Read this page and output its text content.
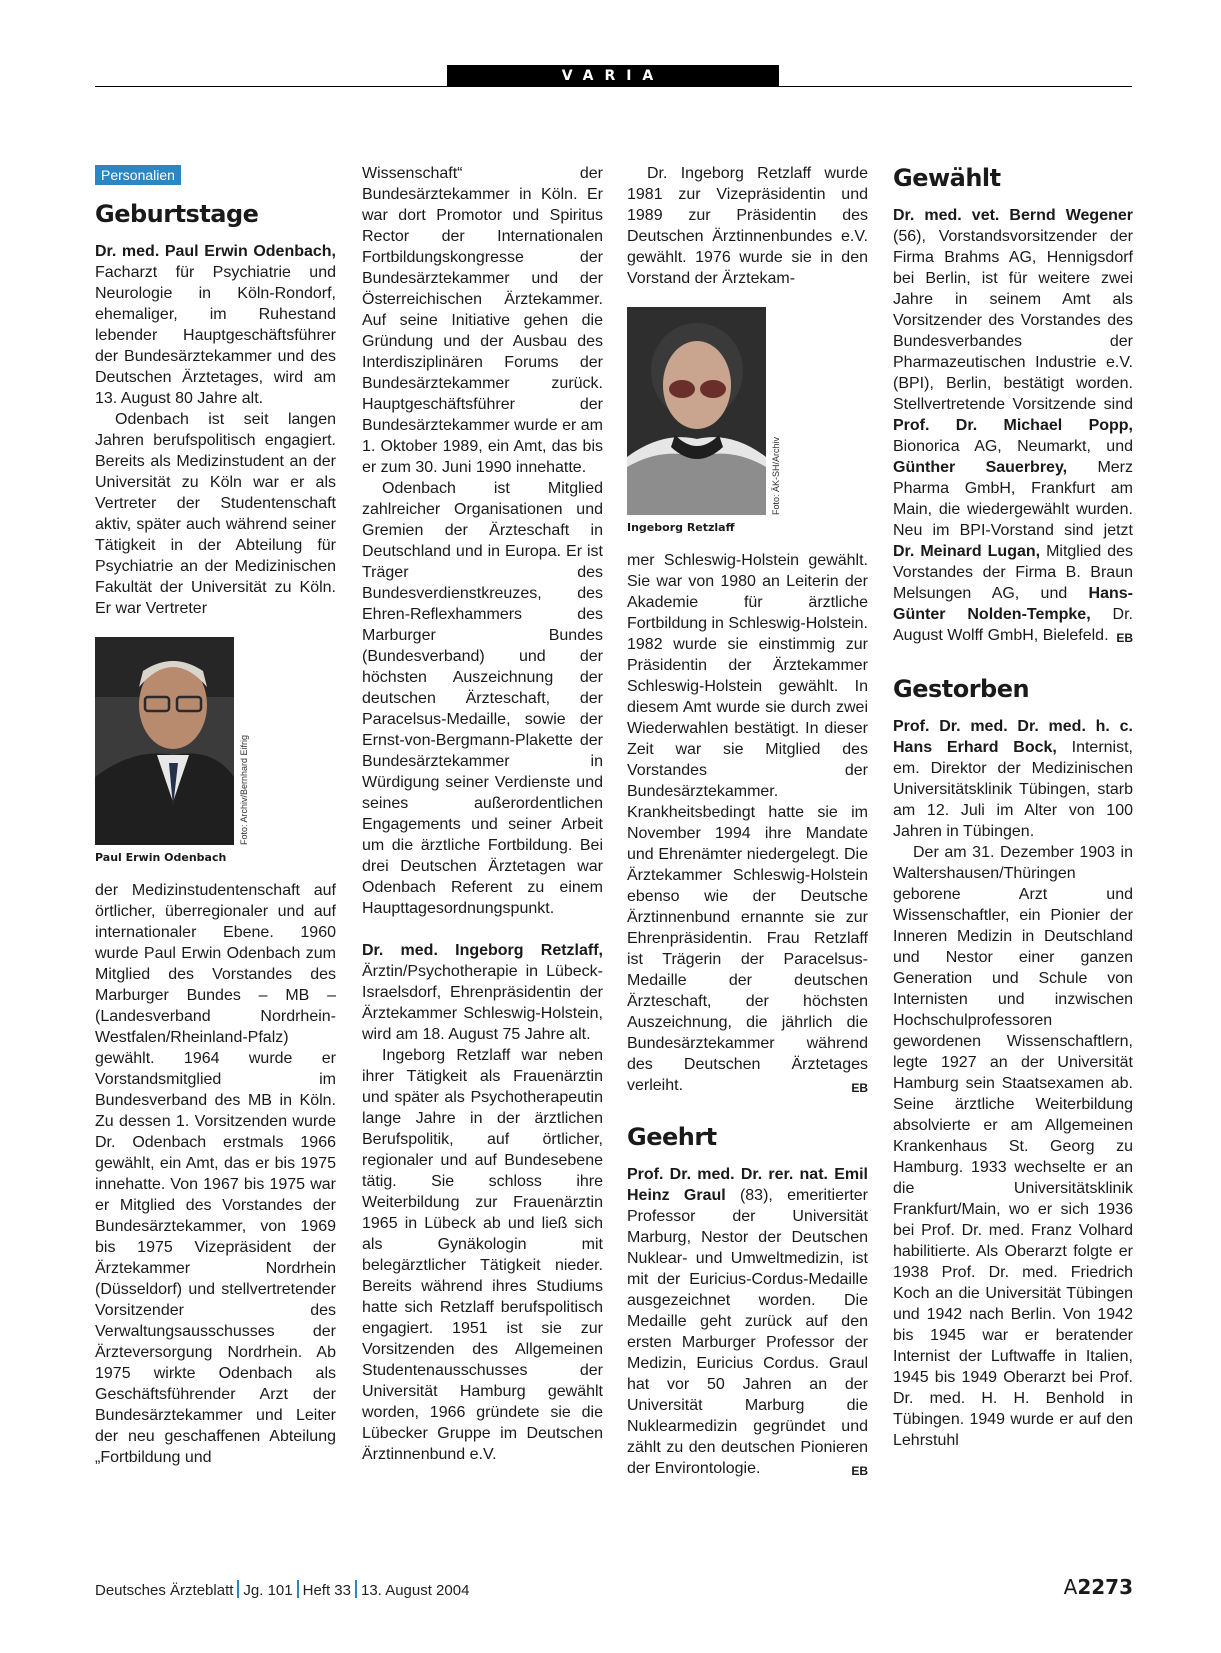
VARIA
Personalien
Geburtstage

Dr. med. Paul Erwin Odenbach, Facharzt für Psychiatrie und Neurologie in Köln-Rondorf, ehemaliger, im Ruhestand lebender Hauptgeschäftsführer der Bundesärztekammer und des Deutschen Ärztetages, wird am 13. August 80 Jahre alt.

Odenbach ist seit langen Jahren berufspolitisch engagiert. Bereits als Medizinstudent an der Universität zu Köln war er als Vertreter der Studentenschaft aktiv, später auch während seiner Tätigkeit in der Abteilung für Psychiatrie an der Medizinischen Fakultät der Universität zu Köln. Er war Vertreter

Foto: Archiv/Bernhard Eifrig
Paul Erwin Odenbach

der Medizinstudentenschaft auf örtlicher, überregionaler und auf internationaler Ebene. 1960 wurde Paul Erwin Odenbach zum Mitglied des Vorstandes des Marburger Bundes – MB – (Landesverband Nordrhein-Westfalen/Rheinland-Pfalz) gewählt. 1964 wurde er Vorstandsmitglied im Bundesverband des MB in Köln. Zu dessen 1. Vorsitzenden wurde Dr. Odenbach erstmals 1966 gewählt, ein Amt, das er bis 1975 innehatte. Von 1967 bis 1975 war er Mitglied des Vorstandes der Bundesärztekammer, von 1969 bis 1975 Vizepräsident der Ärztekammer Nordrhein (Düsseldorf) und stellvertretender Vorsitzender des Verwaltungsausschusses der Ärzteversorgung Nordrhein. Ab 1975 wirkte Odenbach als Geschäftsführender Arzt der Bundesärztekammer und Leiter der neu geschaffenen Abteilung „Fortbildung und

Wissenschaft“ der Bundesärztekammer in Köln. Er war dort Promotor und Spiritus Rector der Internationalen Fortbildungskongresse der Bundesärztekammer und der Österreichischen Ärztekammer. Auf seine Initiative gehen die Gründung und der Ausbau des Interdisziplinären Forums der Bundesärztekammer zurück. Hauptgeschäftsführer der Bundesärztekammer wurde er am 1. Oktober 1989, ein Amt, das bis er zum 30. Juni 1990 innehatte.

Odenbach ist Mitglied zahlreicher Organisationen und Gremien der Ärzteschaft in Deutschland und in Europa. Er ist Träger des Bundesverdienstkreuzes, des Ehren-Reflexhammers des Marburger Bundes (Bundesverband) und der höchsten Auszeichnung der deutschen Ärzteschaft, der Paracelsus-Medaille, sowie der Ernst-von-Bergmann-Plakette der Bundesärztekammer in Würdigung seiner Verdienste und seines außerordentlichen Engagements und seiner Arbeit um die ärztliche Fortbildung. Bei drei Deutschen Ärztetagen war Odenbach Referent zu einem Haupttagesordnungspunkt.

Dr. med. Ingeborg Retzlaff, Ärztin/Psychotherapie in Lübeck-Israelsdorf, Ehrenpräsidentin der Ärztekammer Schleswig-Holstein, wird am 18. August 75 Jahre alt.

Ingeborg Retzlaff war neben ihrer Tätigkeit als Frauenärztin und später als Psychotherapeutin lange Jahre in der ärztlichen Berufspolitik, auf örtlicher, regionaler und auf Bundesebene tätig. Sie schloss ihre Weiterbildung zur Frauenärztin 1965 in Lübeck ab und ließ sich als Gynäkologin mit belegärztlicher Tätigkeit nieder. Bereits während ihres Studiums hatte sich Retzlaff berufspolitisch engagiert. 1951 ist sie zur Vorsitzenden des Allgemeinen Studentenausschusses der Universität Hamburg gewählt worden, 1966 gründete sie die Lübecker Gruppe im Deutschen Ärztinnenbund e.V.

Dr. Ingeborg Retzlaff wurde 1981 zur Vizepräsidentin und 1989 zur Präsidentin des Deutschen Ärztinnenbundes e.V. gewählt. 1976 wurde sie in den Vorstand der Ärztekam-

Foto: ÄK-SH/Archiv
Ingeborg Retzlaff

mer Schleswig-Holstein gewählt. Sie war von 1980 an Leiterin der Akademie für ärztliche Fortbildung in Schleswig-Holstein. 1982 wurde sie einstimmig zur Präsidentin der Ärztekammer Schleswig-Holstein gewählt. In diesem Amt wurde sie durch zwei Wiederwahlen bestätigt. In dieser Zeit war sie Mitglied des Vorstandes der Bundesärztekammer. Krankheitsbedingt hatte sie im November 1994 ihre Mandate und Ehrenämter niedergelegt. Die Ärztekammer Schleswig-Holstein ebenso wie der Deutsche Ärztinnenbund ernannte sie zur Ehrenpräsidentin. Frau Retzlaff ist Trägerin der Paracelsus-Medaille der deutschen Ärzteschaft, der höchsten Auszeichnung, die jährlich die Bundesärztekammer während des Deutschen Ärztetages verleiht.	EB

Geehrt

Prof. Dr. med. Dr. rer. nat. Emil Heinz Graul (83), emeritierter Professor der Universität Marburg, Nestor der Deutschen Nuklear- und Umweltmedizin, ist mit der Euricius-Cordus-Medaille ausgezeichnet worden. Die Medaille geht zurück auf den ersten Marburger Professor der Medizin, Euricius Cordus. Graul hat vor 50 Jahren an der Universität Marburg die Nuklearmedizin gegründet und zählt zu den deutschen Pionieren der Environtologie.	EB

Gewählt

Dr. med. vet. Bernd Wegener (56), Vorstandsvorsitzender der Firma Brahms AG, Hennigsdorf bei Berlin, ist für weitere zwei Jahre in seinem Amt als Vorsitzender des Vorstandes des Bundesverbandes der Pharmazeutischen Industrie e.V. (BPI), Berlin, bestätigt worden. Stellvertretende Vorsitzende sind Prof. Dr. Michael Popp, Bionorica AG, Neumarkt, und Günther Sauerbrey, Merz Pharma GmbH, Frankfurt am Main, die wiedergewählt wurden. Neu im BPI-Vorstand sind jetzt Dr. Meinard Lugan, Mitglied des Vorstandes der Firma B. Braun Melsungen AG, und Hans-Günter Nolden-Tempke, Dr. August Wolff GmbH, Bielefeld. EB

Gestorben

Prof. Dr. med. Dr. med. h. c. Hans Erhard Bock, Internist, em. Direktor der Medizinischen Universitätsklinik Tübingen, starb am 12. Juli im Alter von 100 Jahren in Tübingen.

Der am 31. Dezember 1903 in Waltershausen/Thüringen geborene Arzt und Wissenschaftler, ein Pionier der Inneren Medizin in Deutschland und Nestor einer ganzen Generation und Schule von Internisten und inzwischen Hochschulprofessoren gewordenen Wissenschaftlern, legte 1927 an der Universität Hamburg sein Staatsexamen ab. Seine ärztliche Weiterbildung absolvierte er am Allgemeinen Krankenhaus St. Georg zu Hamburg. 1933 wechselte er an die Universitätsklinik Frankfurt/Main, wo er sich 1936 bei Prof. Dr. med. Franz Volhard habilitierte. Als Oberarzt folgte er 1938 Prof. Dr. med. Friedrich Koch an die Universität Tübingen und 1942 nach Berlin. Von 1942 bis 1945 war er beratender Internist der Luftwaffe in Italien, 1945 bis 1949 Oberarzt bei Prof. Dr. med. H. H. Benhold in Tübingen. 1949 wurde er auf den Lehrstuhl

Deutsches Ärzteblatt Jg. 101 Heft 33 13. August 2004	A2273
